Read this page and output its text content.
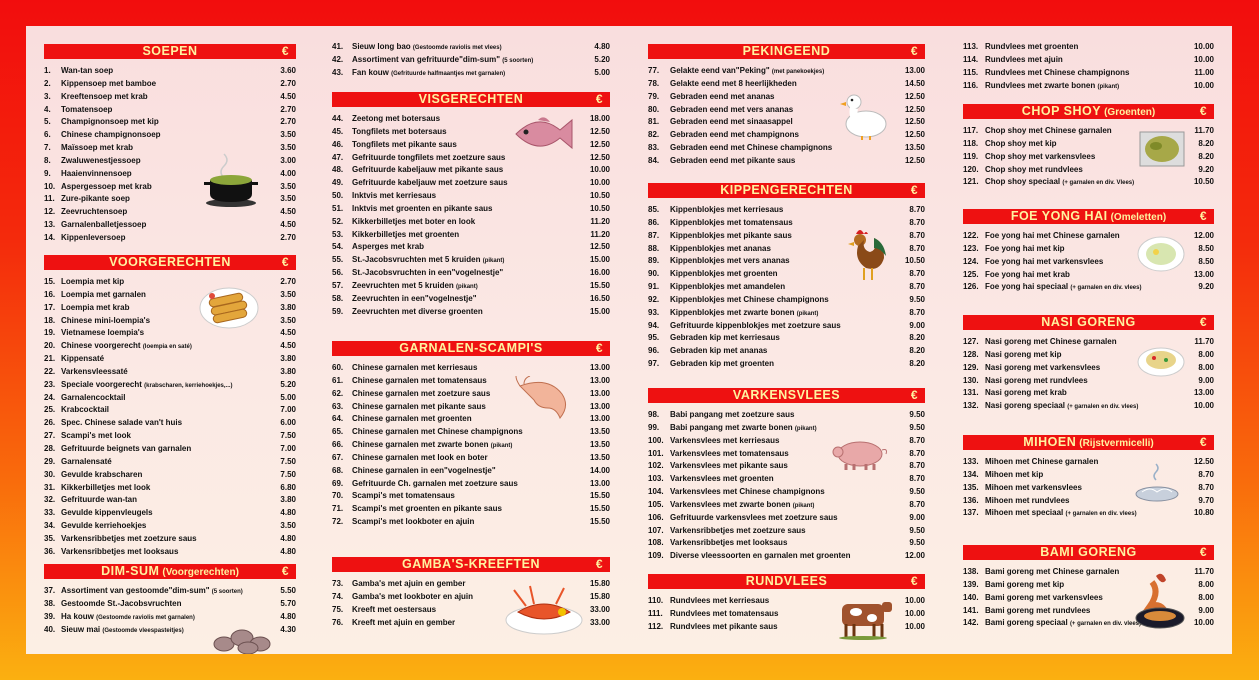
SOEPEN	€
1. Wan-tan soep	3.60
2. Kippensoep met bamboe	2.70
3. Kreeftensoep met krab	4.50
4. Tomatensoep	2.70
5. Champignonsoep met kip	2.70
6. Chinese champignonsoep	3.50
7. Maïssoep met krab	3.50
8. Zwaluwenestjessoep	3.00
9. Haaienvinnensoep	4.00
10. Aspergessoep met krab	3.50
11. Zure-pikante soep	3.50
12. Zeevruchtensoep	4.50
13. Garnalenballetjessoep	4.50
14. Kippenleversoep	2.70
VOORGERECHTEN	€
15. Loempia met kip	2.70
16. Loempia met garnalen	3.50
17. Loempia met krab	3.80
18. Chinese mini-loempia's	3.50
19. Vietnamese loempia's	4.50
20. Chinese voorgerecht (loempia en saté)	4.50
21. Kippensaté	3.80
22. Varkensvleessaté	3.80
23. Speciale voorgerecht (krabscharen, kerriehoekjes,...)	5.20
24. Garnalencocktail	5.00
25. Krabcocktail	7.00
26. Spec. Chinese salade van't huis	6.00
27. Scampi's met look	7.50
28. Gefrituurde beignets van garnalen	7.00
29. Garnalensaté	7.50
30. Gevulde krabscharen	7.50
31. Kikkerbilletjes met look	6.80
32. Gefrituurde wan-tan	3.80
33. Gevulde kippenvleugels	4.80
34. Gevulde kerriehoekjes	3.50
35. Varkensribbetjes met zoetzure saus	4.80
36. Varkensribbetjes met looksaus	4.80
DIM-SUM (Voorgerechten)	€
37. Assortiment van gestoomde"dim-sum" (5 soorten)	5.50
38. Gestoomde St.-Jacobsvruchten	5.70
39. Ha kouw (Gestoomde raviolis met garnalen)	4.80
40. Sieuw mai (Gestoomde vleespasteitjes)	4.30
41. Sieuw long bao (Gestoomde raviolis met vlees)	4.80
42. Assortiment van gefrituurde"dim-sum" (5 soorten)	5.20
43. Fan kouw (Gefrituurde halfmaantjes met garnalen)	5.00
VISGERECHTEN	€
44. Zeetong met botersaus	18.00
45. Tongfilets met botersaus	12.50
46. Tongfilets met pikante saus	12.50
47. Gefrituurde tongfilets met zoetzure saus	12.50
48. Gefrituurde kabeljauw met pikante saus	10.00
49. Gefrituurde kabeljauw met zoetzure saus	10.00
50. Inktvis met kerriesaus	10.50
51. Inktvis met groenten en pikante saus	10.50
52. Kikkerbilletjes met boter en look	11.20
53. Kikkerbilletjes met groenten	11.20
54. Asperges met krab	12.50
55. St.-Jacobsvruchten met 5 kruiden (pikant)	15.00
56. St.-Jacobsvruchten in een"vogelnestje"	16.00
57. Zeevruchten met 5 kruiden (pikant)	15.50
58. Zeevruchten in een"vogelnestje"	16.50
59. Zeevruchten met diverse groenten	15.00
GARNALEN-SCAMPI'S	€
60. Chinese garnalen met kerriesaus	13.00
61. Chinese garnalen met tomatensaus	13.00
62. Chinese garnalen met zoetzure saus	13.00
63. Chinese garnalen met pikante saus	13.00
64. Chinese garnalen met groenten	13.00
65. Chinese garnalen met Chinese champignons	13.50
66. Chinese garnalen met zwarte bonen (pikant)	13.50
67. Chinese garnalen met look en boter	13.50
68. Chinese garnalen in een"vogelnestje"	14.00
69. Gefrituurde Ch. garnalen met zoetzure saus	13.00
70. Scampi's met tomatensaus	15.50
71. Scampi's met groenten en pikante saus	15.50
72. Scampi's met lookboter en ajuin	15.50
GAMBA'S-KREEFTEN	€
73. Gamba's met ajuin en gember	15.80
74. Gamba's met lookboter en ajuin	15.80
75. Kreeft met oestersaus	33.00
76. Kreeft met ajuin en gember	33.00
PEKINGEEND	€
77. Gelakte eend van"Peking" (met panekoekjes)	13.00
78. Gelakte eend met 8 heerlijkheden	14.50
79. Gebraden eend met ananas	12.50
80. Gebraden eend met vers ananas	12.50
81. Gebraden eend met sinaasappel	12.50
82. Gebraden eend met champignons	12.50
83. Gebraden eend met Chinese champignons	13.50
84. Gebraden eend met pikante saus	12.50
KIPPENGERECHTEN	€
85. Kippenblokjes met kerriesaus	8.70
86. Kippenblokjes met tomatensaus	8.70
87. Kippenblokjes met pikante saus	8.70
88. Kippenblokjes met ananas	8.70
89. Kippenblokjes met vers ananas	10.50
90. Kippenblokjes met groenten	8.70
91. Kippenblokjes met amandelen	8.70
92. Kippenblokjes met Chinese champignons	9.50
93. Kippenblokjes met zwarte bonen (pikant)	8.70
94. Gefrituurde kippenblokjes met zoetzure saus	9.00
95. Gebraden kip met kerriesaus	8.20
96. Gebraden kip met ananas	8.20
97. Gebraden kip met groenten	8.20
VARKENSVLEES	€
98. Babi pangang met zoetzure saus	9.50
99. Babi pangang met zwarte bonen (pikant)	9.50
100. Varkensvlees met kerriesaus	8.70
101. Varkensvlees met tomatensaus	8.70
102. Varkensvlees met pikante saus	8.70
103. Varkensvlees met groenten	8.70
104. Varkensvlees met Chinese champignons	9.50
105. Varkensvlees met zwarte bonen (pikant)	8.70
106. Gefrituurde varkensvlees met zoetzure saus	9.00
107. Varkensribbetjes met zoetzure saus	9.50
108. Varkensribbetjes met looksaus	9.50
109. Diverse vleessoorten en garnalen met groenten	12.00
RUNDVLEES	€
110. Rundvlees met kerriesaus	10.00
111. Rundvlees met tomatensaus	10.00
112. Rundvlees met pikante saus	10.00
113. Rundvlees met groenten	10.00
114. Rundvlees met ajuin	10.00
115. Rundvlees met Chinese champignons	11.00
116. Rundvlees met zwarte bonen (pikant)	10.00
CHOP SHOY (Groenten)	€
117. Chop shoy met Chinese garnalen	11.70
118. Chop shoy met kip	8.20
119. Chop shoy met varkensvlees	8.20
120. Chop shoy met rundvlees	9.20
121. Chop shoy speciaal (+ garnalen en div. Vlees)	10.50
FOE YONG HAI (Omeletten)	€
122. Foe yong hai met Chinese garnalen	12.00
123. Foe yong hai met kip	8.50
124. Foe yong hai met varkensvlees	8.50
125. Foe yong hai met krab	13.00
126. Foe yong hai speciaal (+ garnalen en div. vlees)	9.20
NASI GORENG	€
127. Nasi goreng met Chinese garnalen	11.70
128. Nasi goreng met kip	8.00
129. Nasi goreng met varkensvlees	8.00
130. Nasi goreng met rundvlees	9.00
131. Nasi goreng met krab	13.00
132. Nasi goreng speciaal (+ garnalen en div. vlees)	10.00
MIHOEN (Rijstvermicelli)	€
133. Mihoen met Chinese garnalen	12.50
134. Mihoen met kip	8.70
135. Mihoen met varkensvlees	8.70
136. Mihoen met rundvlees	9.70
137. Mihoen met speciaal (+ garnalen en div. vlees)	10.80
BAMI GORENG	€
138. Bami goreng met Chinese garnalen	11.70
139. Bami goreng met kip	8.00
140. Bami goreng met varkensvlees	8.00
141. Bami goreng met rundvlees	9.00
142. Bami goreng speciaal (+ garnalen en div. vlees)	10.00
